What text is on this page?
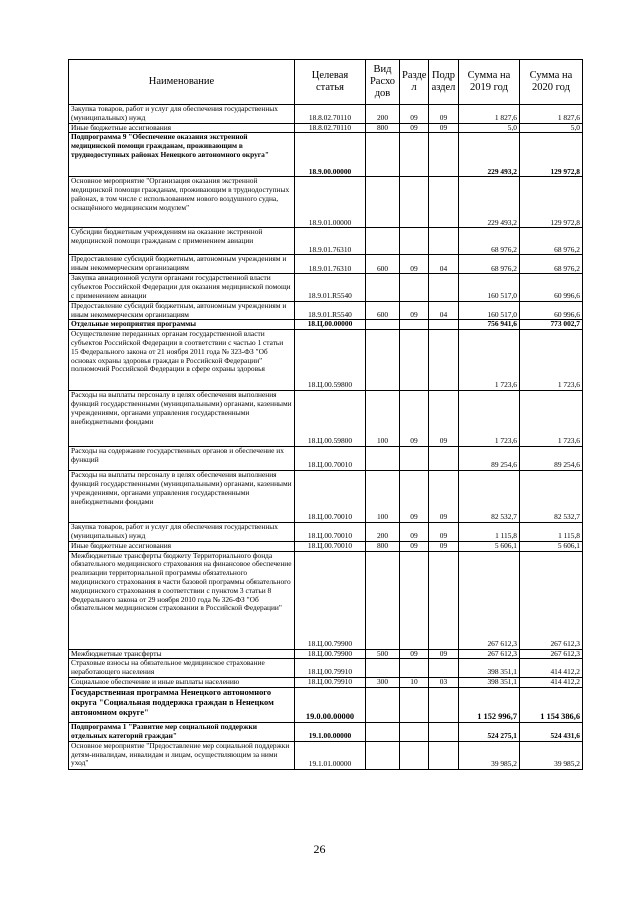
Наименование	Целевая статья	Вид Расхо дов	Разде л	Подр аздел	Сумма на 2019 год	Сумма на 2020 год
Закупка товаров, работ и услуг для обеспечения государственных (муниципальных) нужд	18.8.02.70110	200	09	09	1 827,6	1 827,6
Иные бюджетные ассигнования	18.8.02.70110	800	09	09	5,0	5,0
Подпрограмма 9 "Обеспечение оказания экстренной медицинской помощи гражданам, проживающим в труднодоступных районах Ненецкого автономного округа"	18.9.00.00000				229 493,2	129 972,8
Основное мероприятие "Организация оказания экстренной медицинской помощи гражданам, проживающим в труднодоступных районах, в том числе с использованием нового воздушного судна, оснащённого медицинским модулем"	18.9.01.00000				229 493,2	129 972,8
Субсидии бюджетным учреждениям на оказание экстренной медицинской помощи гражданам с применением авиации	18.9.01.76310				68 976,2	68 976,2
Предоставление субсидий бюджетным, автономным учреждениям и иным некоммерческим организациям	18.9.01.76310	600	09	04	68 976,2	68 976,2
Закупка авиационной услуги органами государственной власти субъектов Российской Федерации для оказания медицинской помощи с применением авиации	18.9.01.R5540				160 517,0	60 996,6
Предоставление субсидий бюджетным, автономным учреждениям и иным некоммерческим организациям	18.9.01.R5540	600	09	04	160 517,0	60 996,6
Отдельные мероприятия программы	18.Ц.00.00000				756 941,6	773 002,7
Осуществление переданных органам государственной власти субъектов Российской Федерации в соответствии с частью 1 статьи 15 Федерального закона от 21 ноября 2011 года № 323-ФЗ "Об основах охраны здоровья граждан в Российской Федерации" полномочий Российской Федерации в сфере охраны здоровья	18.Ц.00.59800				1 723,6	1 723,6
Расходы на выплаты персоналу в целях обеспечения выполнения функций государственными (муниципальными) органами, казенными учреждениями, органами управления государственными внебюджетными фондами	18.Ц.00.59800	100	09	09	1 723,6	1 723,6
Расходы на содержание государственных органов и обеспечение их функций	18.Ц.00.70010				89 254,6	89 254,6
Расходы на выплаты персоналу в целях обеспечения выполнения функций государственными (муниципальными) органами, казенными учреждениями, органами управления государственными внебюджетными фондами	18.Ц.00.70010	100	09	09	82 532,7	82 532,7
Закупка товаров, работ и услуг для обеспечения государственных (муниципальных) нужд	18.Ц.00.70010	200	09	09	1 115,8	1 115,8
Иные бюджетные ассигнования	18.Ц.00.70010	800	09	09	5 606,1	5 606,1
Межбюджетные трансферты бюджету Территориального фонда обязательного медицинского страхования на финансовое обеспечение реализации территориальной программы обязательного медицинского страхования в части базовой программы обязательного медицинского страхования в соответствии с пунктом 3 статьи 8 Федерального закона от 29 ноября 2010 года № 326-ФЗ "Об обязательном медицинском страховании в Российской Федерации"	18.Ц.00.79900				267 612,3	267 612,3
Межбюджетные трансферты	18.Ц.00.79900	500	09	09	267 612,3	267 612,3
Страховые взносы на обязательное медицинское страхование неработающего населения	18.Ц.00.79910				398 351,1	414 412,2
Социальное обеспечение и иные выплаты населению	18.Ц.00.79910	300	10	03	398 351,1	414 412,2
Государственная программа Ненецкого автономного округа "Социальная поддержка граждан в Ненецком автономном округе"	19.0.00.00000				1 152 996,7	1 154 386,6
Подпрограмма 1 "Развитие мер социальной поддержки отдельных категорий граждан"	19.1.00.00000				524 275,1	524 431,6
Основное мероприятие "Предоставление мер социальной поддержки детям-инвалидам, инвалидам и лицам, осуществляющим за ними уход"	19.1.01.00000				39 985,2	39 985,2
26
